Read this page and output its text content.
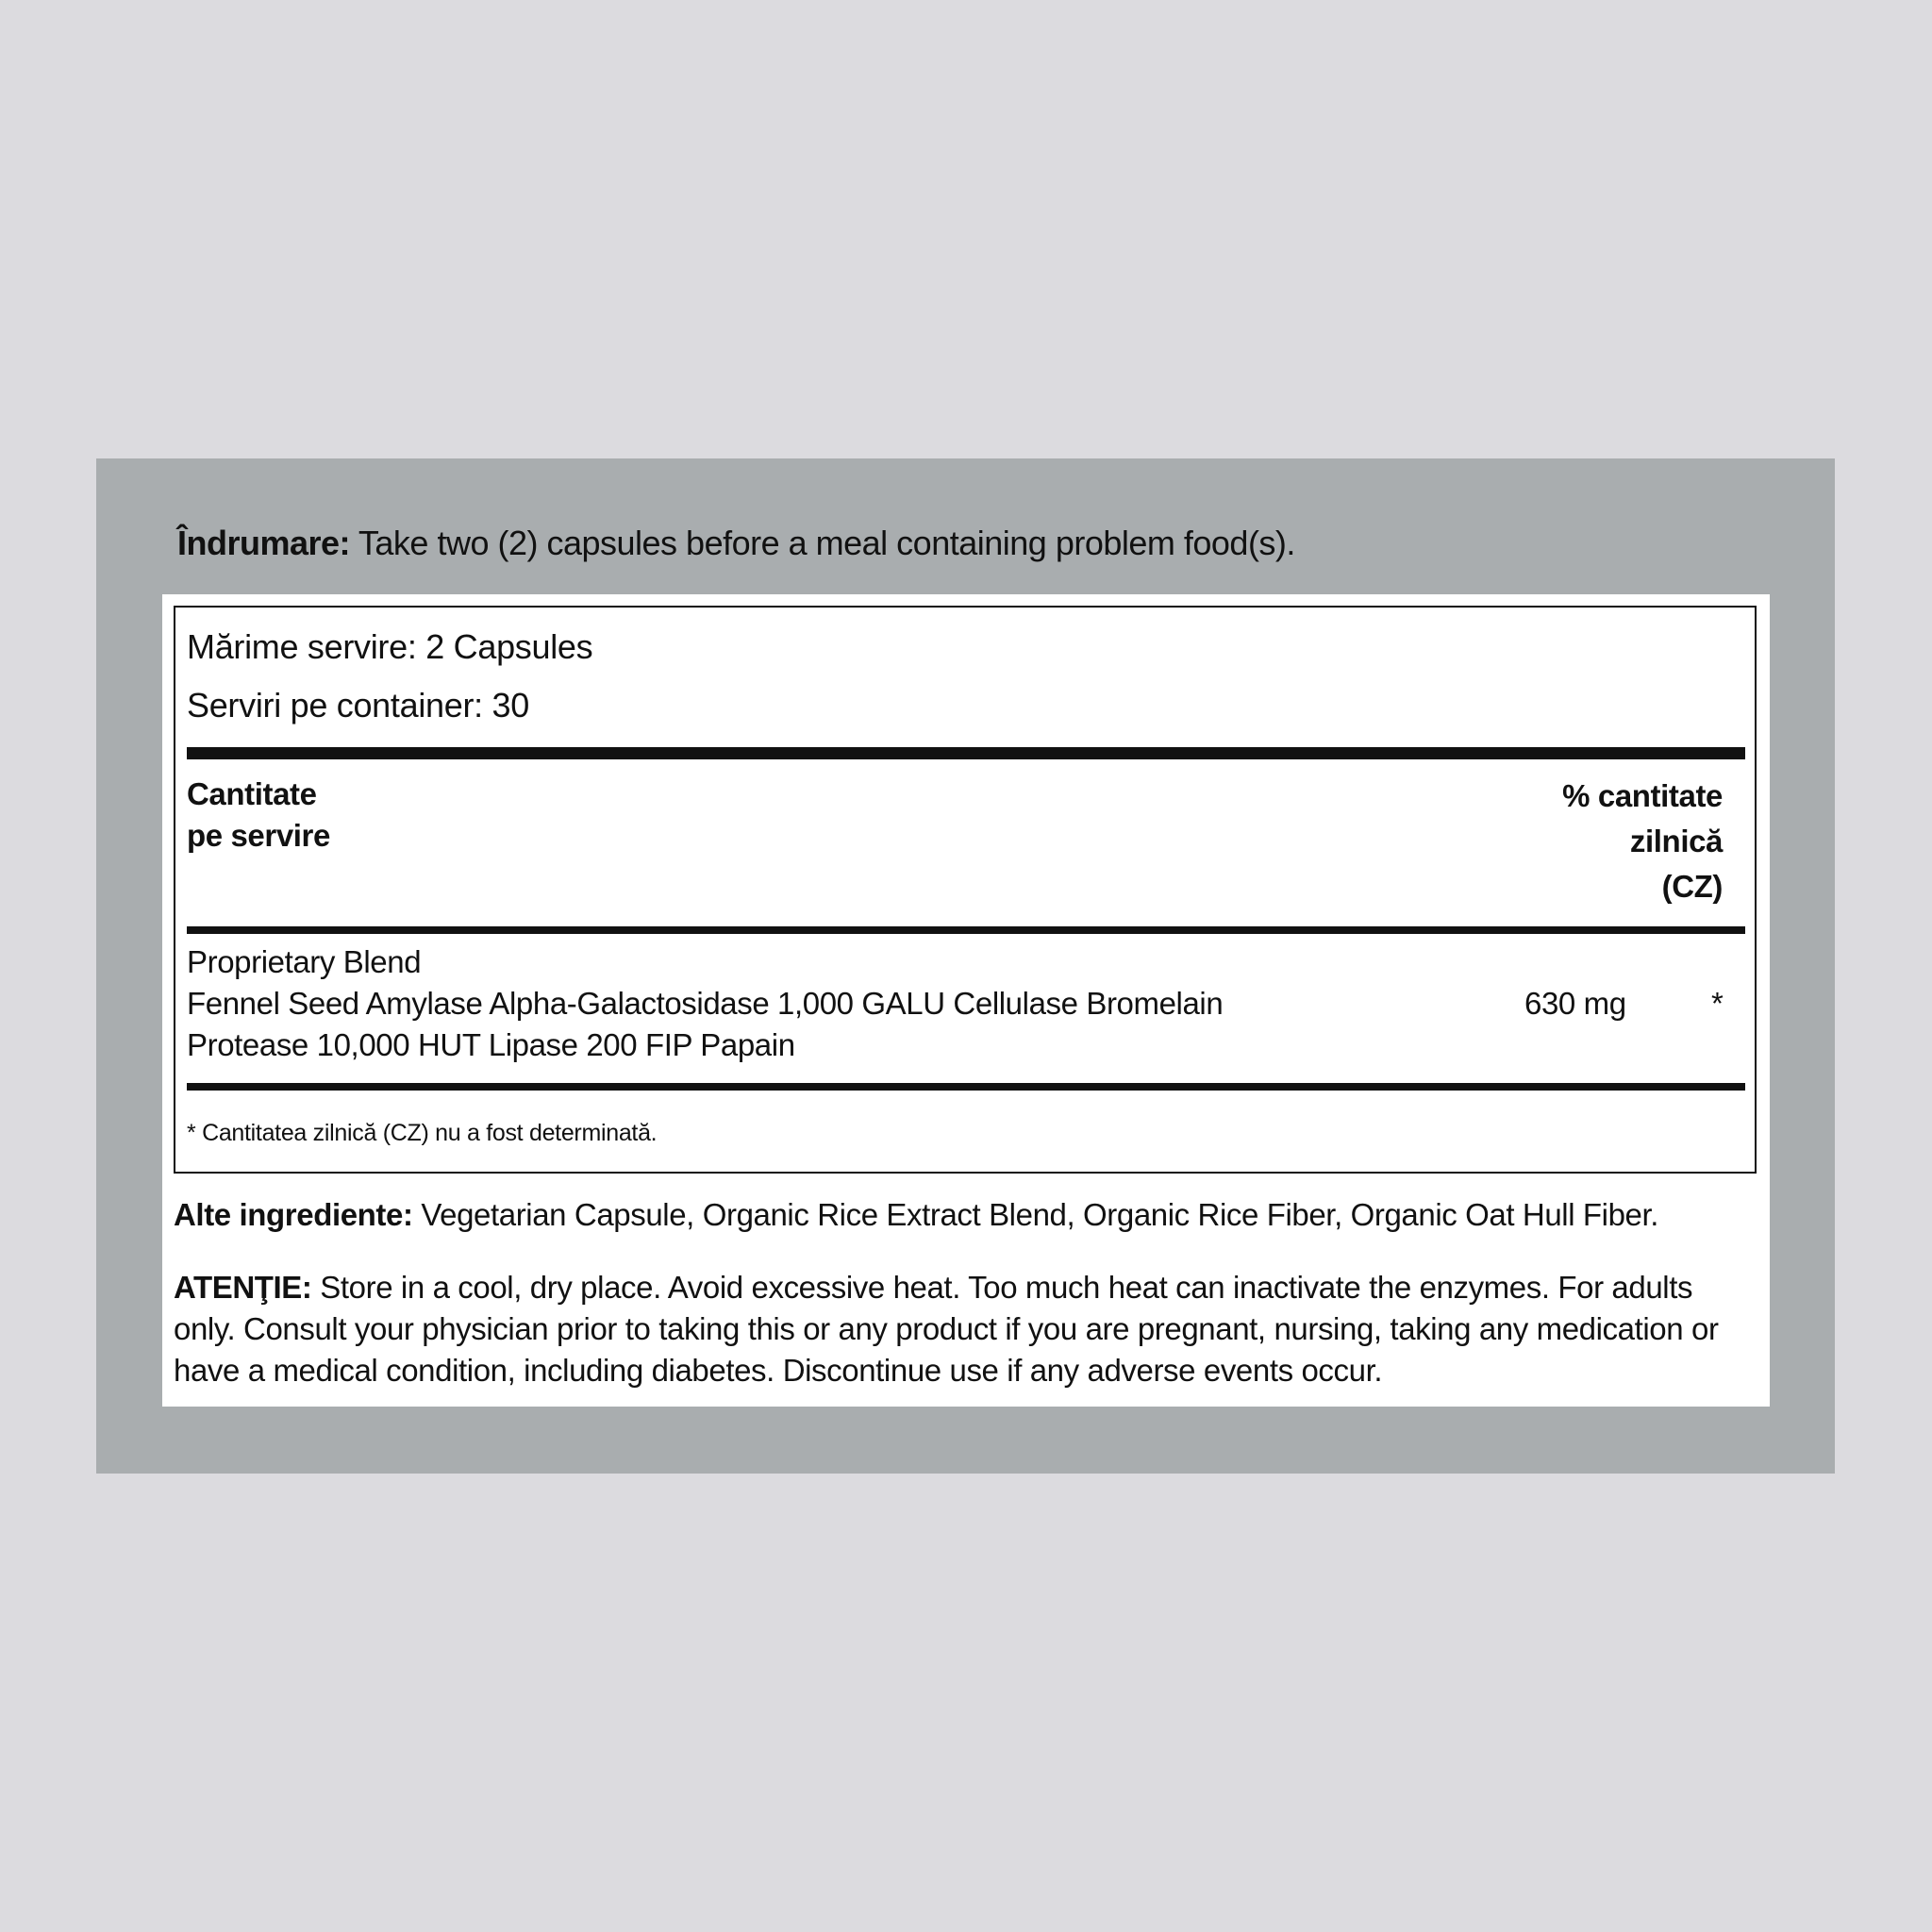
Îndrumare: Take two (2) capsules before a meal containing problem food(s).
Mărime servire: 2 Capsules
Serviri pe container: 30
Cantitate
pe servire
% cantitate
zilnică
(CZ)
Proprietary Blend
Fennel Seed Amylase Alpha-Galactosidase 1,000 GALU Cellulase Bromelain
Protease 10,000 HUT Lipase 200 FIP Papain
630 mg	*
* Cantitatea zilnică (CZ) nu a fost determinată.
Alte ingrediente: Vegetarian Capsule, Organic Rice Extract Blend, Organic Rice Fiber, Organic Oat Hull Fiber.
ATENŢIE: Store in a cool, dry place. Avoid excessive heat. Too much heat can inactivate the enzymes. For adults only. Consult your physician prior to taking this or any product if you are pregnant, nursing, taking any medication or have a medical condition, including diabetes. Discontinue use if any adverse events occur.
